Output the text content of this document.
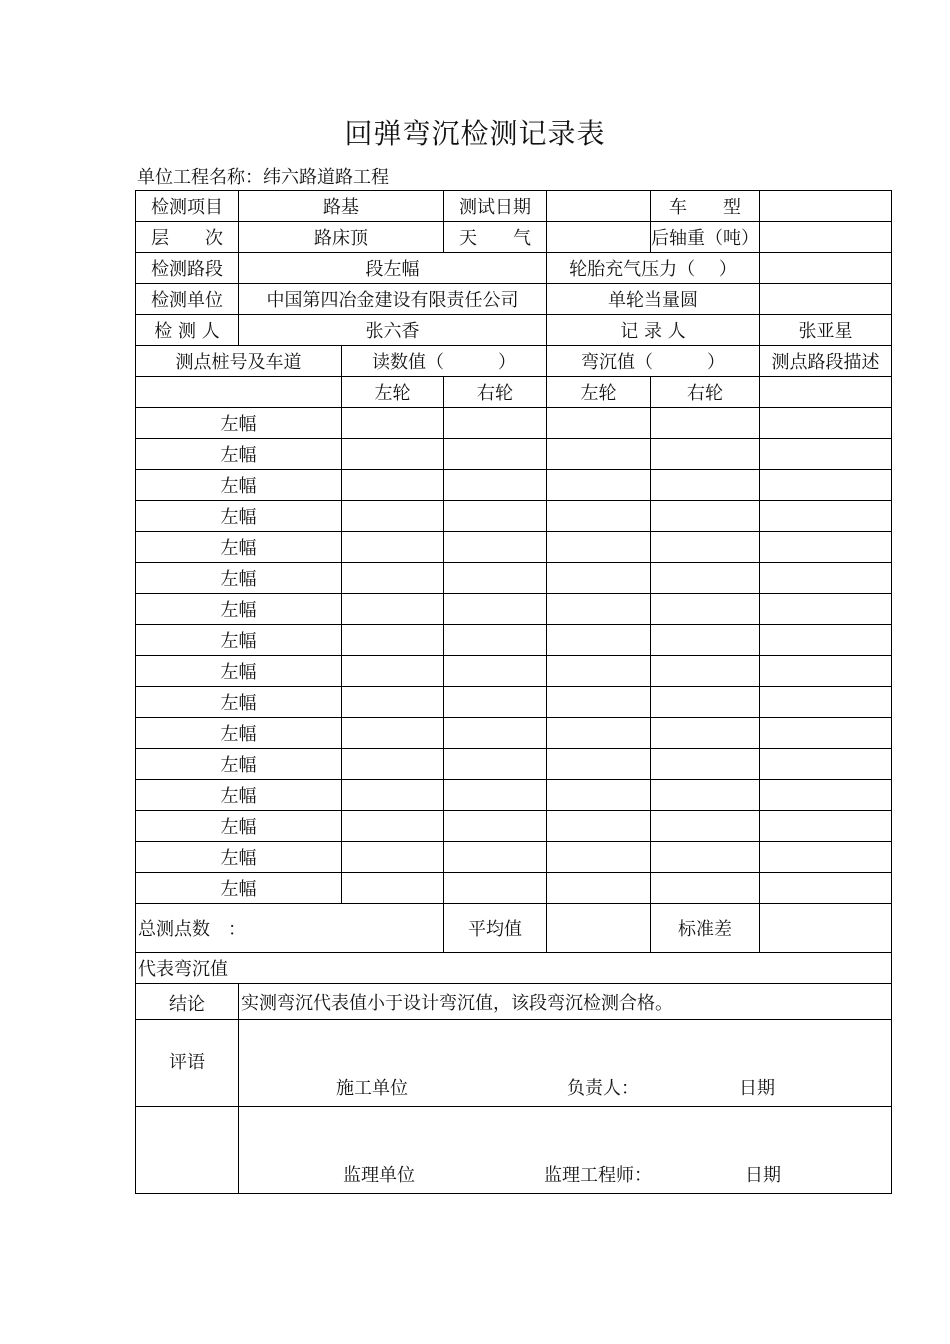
回弹弯沉检测记录表
单位工程名称：纬六路道路工程
检测项目	路基		测试日期		车　　型	
层　　次	路床顶		天　　气		后轴重（吨）	
检测路段	段左幅			轮胎充气压力（　 ）		
检测单位	中国第四冶金建设有限责任公司			单轮当量圆		
检 测 人	张六香			记 录 人		张亚星
测点桩号及车道		读数值（　　　）		弯沉值（　　　）		测点路段描述
		左轮	右轮	左轮	右轮	
左幅						
左幅						
左幅						
左幅						
左幅						
左幅						
左幅						
左幅						
左幅						
左幅						
左幅						
左幅						
左幅						
左幅						
左幅						
左幅						
总测点数　：			平均值		标准差	
代表弯沉值						
结论	实测弯沉代表值小于设计弯沉值，该段弯沉检测合格。					
评语	施工单位 负责人： 日期					

	监理单位 监理工程师： 日期					
